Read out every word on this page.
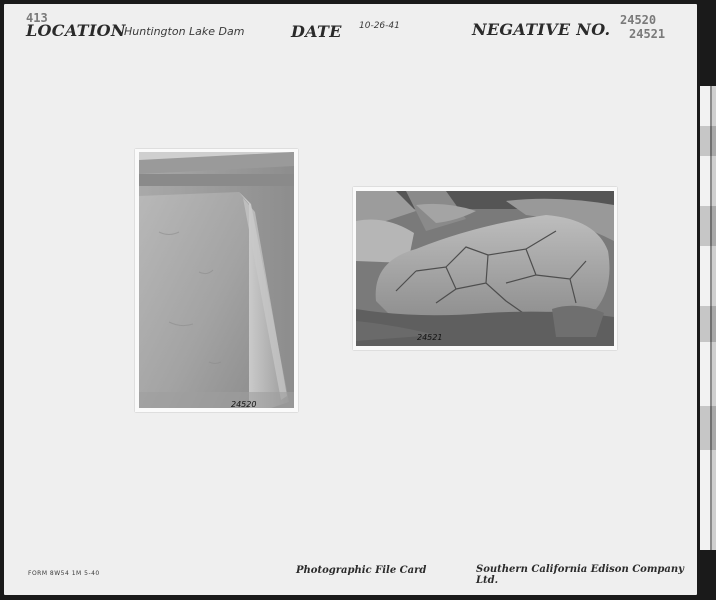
413
LOCATION
Huntington Lake Dam	DATE 10-26-41	NEGATIVE NO. 24520
24521
24520
24521
FORM 8W54 1M 5-40	Photographic File Card	Southern California Edison Company Ltd.
